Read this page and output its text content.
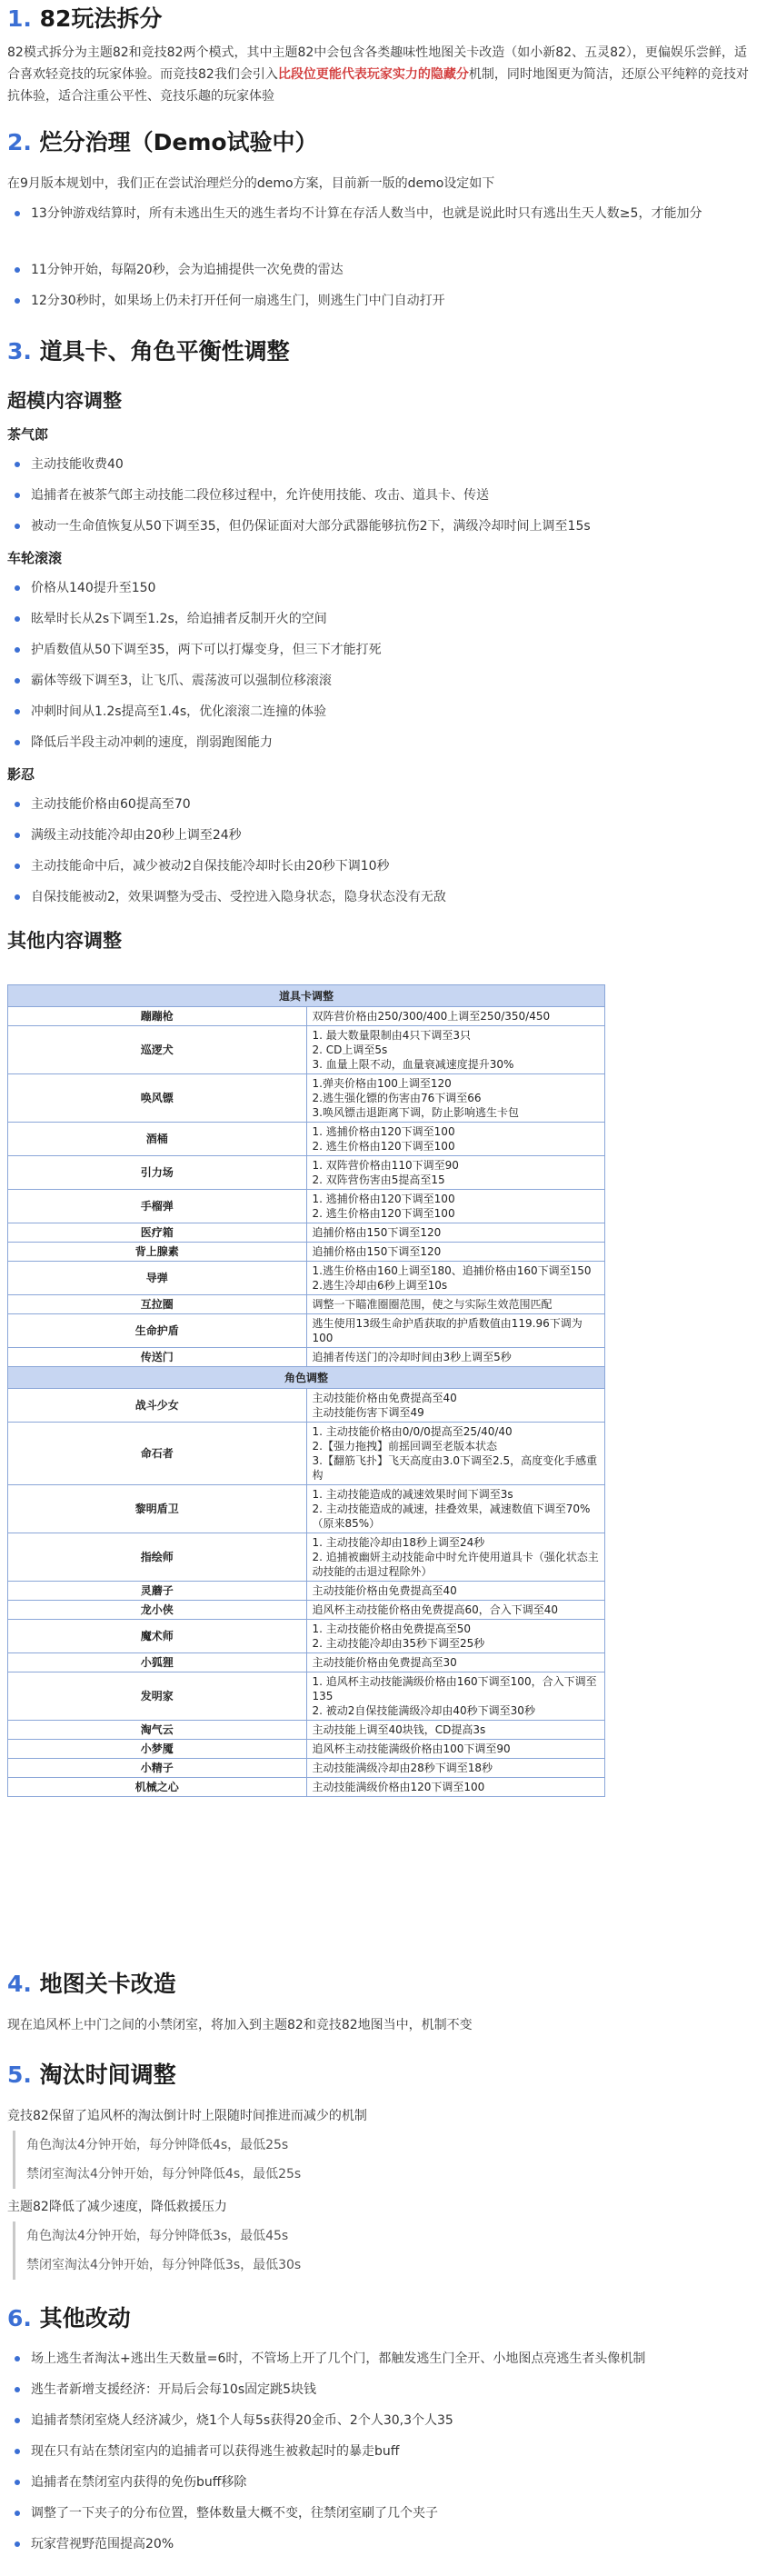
1. 82玩法拆分
82模式拆分为主题82和竞技82两个模式，其中主题82中会包含各类趣味性地图关卡改造（如小新82、五灵82），更偏娱乐尝鲜，适合喜欢轻竞技的玩家体验。而竞技82我们会引入比段位更能代表玩家实力的隐藏分机制，同时地图更为简洁，还原公平纯粹的竞技对抗体验，适合注重公平性、竞技乐趣的玩家体验
2. 烂分治理（Demo试验中）
在9月版本规划中，我们正在尝试治理烂分的demo方案，目前新一版的demo设定如下
13分钟游戏结算时，所有未逃出生天的逃生者均不计算在存活人数当中，也就是说此时只有逃出生天人数≥5，才能加分
11分钟开始，每隔20秒，会为追捕提供一次免费的雷达
12分30秒时，如果场上仍未打开任何一扇逃生门，则逃生门中门自动打开
3. 道具卡、角色平衡性调整
超模内容调整
茶气郎
主动技能收费40
追捕者在被茶气郎主动技能二段位移过程中，允许使用技能、攻击、道具卡、传送
被动一生命值恢复从50下调至35，但仍保证面对大部分武器能够抗伤2下，满级冷却时间上调至15s
车轮滚滚
价格从140提升至150
眩晕时长从2s下调至1.2s，给追捕者反制开火的空间
护盾数值从50下调至35，两下可以打爆变身，但三下才能打死
霸体等级下调至3，让飞爪、震荡波可以强制位移滚滚
冲刺时间从1.2s提高至1.4s，优化滚滚二连撞的体验
降低后半段主动冲刺的速度，削弱跑图能力
影忍
主动技能价格由60提高至70
满级主动技能冷却由20秒上调至24秒
主动技能命中后，减少被动2自保技能冷却时长由20秒下调10秒
自保技能被动2，效果调整为受击、受控进入隐身状态，隐身状态没有无敌
其他内容调整
道具卡调整	
蹦蹦枪	双阵营价格由250/300/400上调至250/350/450

巡逻犬	1. 最大数量限制由4只下调至3只
2. CD上调至5s
3. 血量上限不动，血量衰减速度提升30%

唤风镖	1.弹夹价格由100上调至120
2.逃生强化镖的伤害由76下调至66
3.唤风镖击退距离下调，防止影响逃生卡包

酒桶	1. 逃捕价格由120下调至100
2. 逃生价格由120下调至100

引力场	1. 双阵营价格由110下调至90
2. 双阵营伤害由5提高至15

手榴弹	1. 逃捕价格由120下调至100
2. 逃生价格由120下调至100

医疗箱	追捕价格由150下调至120

背上腺素	追捕价格由150下调至120

导弹	1.逃生价格由160上调至180、追捕价格由160下调至150
2.逃生冷却由6秒上调至10s

互拉圈	调整一下瞄准圈圈范围，使之与实际生效范围匹配

生命护盾	逃生使用13级生命护盾获取的护盾数值由119.96下调为100

传送门	追捕者传送门的冷却时间由3秒上调至5秒

角色调整	
战斗少女	主动技能价格由免费提高至40
主动技能伤害下调至49

命石者	1. 主动技能价格由0/0/0提高至25/40/40
2.【强力拖拽】前摇回调至老版本状态
3.【翻筋飞扑】飞天高度由3.0下调至2.5，高度变化手感重构

黎明盾卫	1. 主动技能造成的减速效果时间下调至3s
2. 主动技能造成的减速，挂叠效果，减速数值下调至70%（原来85%）

指绘师	1. 主动技能冷却由18秒上调至24秒
2. 追捕被幽妍主动技能命中时允许使用道具卡（强化状态主动技能的击退过程除外）

灵蘑子	主动技能价格由免费提高至40

龙小侠	追风杯主动技能价格由免费提高60，合入下调至40

魔术师	1. 主动技能价格由免费提高至50
2. 主动技能冷却由35秒下调至25秒

小狐狸	主动技能价格由免费提高至30

发明家	1. 追风杯主动技能满级价格由160下调至100，合入下调至135
2. 被动2自保技能满级冷却由40秒下调至30秒

淘气云	主动技能上调至40块钱，CD提高3s

小梦魇	追风杯主动技能满级价格由100下调至90

小精子	主动技能满级冷却由28秒下调至18秒

机械之心	主动技能满级价格由120下调至100
4. 地图关卡改造
现在追风杯上中门之间的小禁闭室，将加入到主题82和竞技82地图当中，机制不变
5. 淘汰时间调整
竞技82保留了追风杯的淘汰倒计时上限随时间推进而减少的机制
角色淘汰4分钟开始，每分钟降低4s，最低25s
禁闭室淘汰4分钟开始，每分钟降低4s，最低25s
主题82降低了减少速度，降低救援压力
角色淘汰4分钟开始，每分钟降低3s，最低45s
禁闭室淘汰4分钟开始，每分钟降低3s，最低30s
6. 其他改动
场上逃生者淘汰+逃出生天数量=6时，不管场上开了几个门，都触发逃生门全开、小地图点亮逃生者头像机制
逃生者新增支援经济：开局后会每10s固定跳5块钱
追捕者禁闭室烧人经济减少，烧1个人每5s获得20金币、2个人30,3个人35
现在只有站在禁闭室内的追捕者可以获得逃生被救起时的暴走buff
追捕者在禁闭室内获得的免伤buff移除
调整了一下夹子的分布位置，整体数量大概不变，往禁闭室刷了几个夹子
玩家营视野范围提高20%
